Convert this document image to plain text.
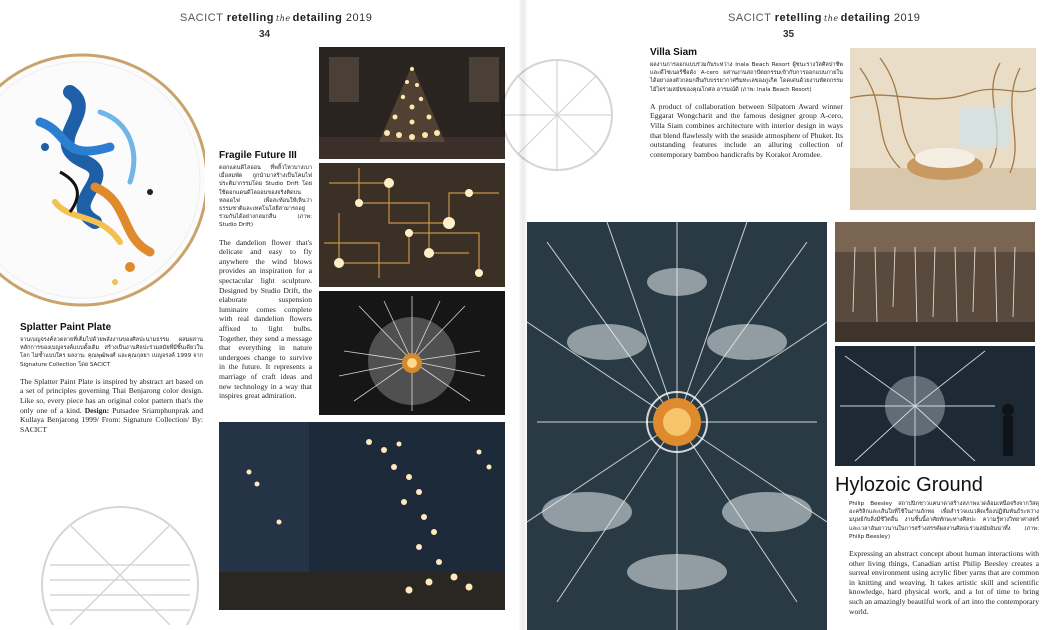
SACICT retelling the detailing 2019
34
Splatter Paint Plate
จานเบญจรงค์ลวดลายที่เต็มไปด้วยพลังงานของศิลปะนามธรรม ผสมผสานหลักการของเบญจรงค์แบบดั้งเดิม สร้างเป็นงานศิลปะร่วมสมัยที่มีชิ้นเดียวในโลก ไม่ซ้ำแบบใคร ผลงาน: คุณพุฒิพงศ์ และคุณกุลยา เบญจรงค์ 1999 จาก Signature Collection โดย SACICT
The Splatter Paint Plate is inspired by abstract art based on a set of principles governing Thai Benjarong color design. Like so, every piece has an original color pattern that's the only one of a kind. Design: Putsadee Sriamphunprak and Kullaya Benjarong 1999/ From: Signature Collection/ By: SACICT
Fragile Future III
ดอกแดนดิไลออน ที่พลิ้วไหวบางเบาเมื่อลมพัด ถูกนำมาสร้างเป็นโคมไฟประติมากรรมโดย Studio Drift โดยใช้ดอกแดนดิไลออนของจริงติดบนหลอดไฟ เพื่อสะท้อนให้เห็นว่าธรรมชาติและเทคโนโลยีสามารถอยู่ร่วมกันได้อย่างกลมกลืน (ภาพ: Studio Drift)
The dandelion flower that's delicate and easy to fly anywhere the wind blows provides an inspiration for a spectacular light sculpture. Designed by Studio Drift, the elaborate suspension luminaire comes complete with real dandelion flowers affixed to light bulbs. Together, they send a message that everything in nature undergoes change to survive in the future. It represents a marriage of craft ideas and new technology in a way that inspires great admiration.
SACICT retelling the detailing 2019
35
Villa Siam
ผลงานการออกแบบร่วมกันระหว่าง Inala Beach Resort ผู้ชนะรางวัลศิลปาชีพ และดีไซเนอร์ชื่อดัง A-cero ผสานงานสถาปัตยกรรมเข้ากับการออกแบบภายในได้อย่างลงตัวกลมกลืนกับบรรยากาศริมทะเลของภูเก็ต โดดเด่นด้วยงานหัตถกรรมไม้ไผ่ร่วมสมัยของคุณโกศล อารมณ์ดี (ภาพ: Inala Beach Resort)
A product of collaboration between Silpatorn Award winner Eggarat Wongcharit and the famous designer group A-cero, Villa Siam combines architecture with interior design in ways that blend flawlessly with the seaside atmosphere of Phuket. Its outstanding features include an alluring collection of contemporary bamboo handicrafts by Korakot Aromdee.
Hylozoic Ground
Philip Beesley สถาปนิกชาวแคนาดาสร้างสภาพแวดล้อมเหนือจริงจากวัสดุอะคริลิกและเส้นใยที่ใช้ในงานถักทอ เพื่อสำรวจแนวคิดเรื่องปฏิสัมพันธ์ระหว่างมนุษย์กับสิ่งมีชีวิตอื่น งานชิ้นนี้อาศัยทักษะทางศิลปะ ความรู้ทางวิทยาศาสตร์ และเวลาอันยาวนานในการสร้างสรรค์ผลงานศิลปะร่วมสมัยอันน่าทึ่ง (ภาพ: Philip Beesley)
Expressing an abstract concept about human interactions with other living things, Canadian artist Philip Beesley creates a surreal environment using acrylic fiber yarns that are common in knitting and weaving. It takes artistic skill and scientific knowledge, hard physical work, and a lot of time to bring such an amazingly beautiful work of art into the contemporary world.
